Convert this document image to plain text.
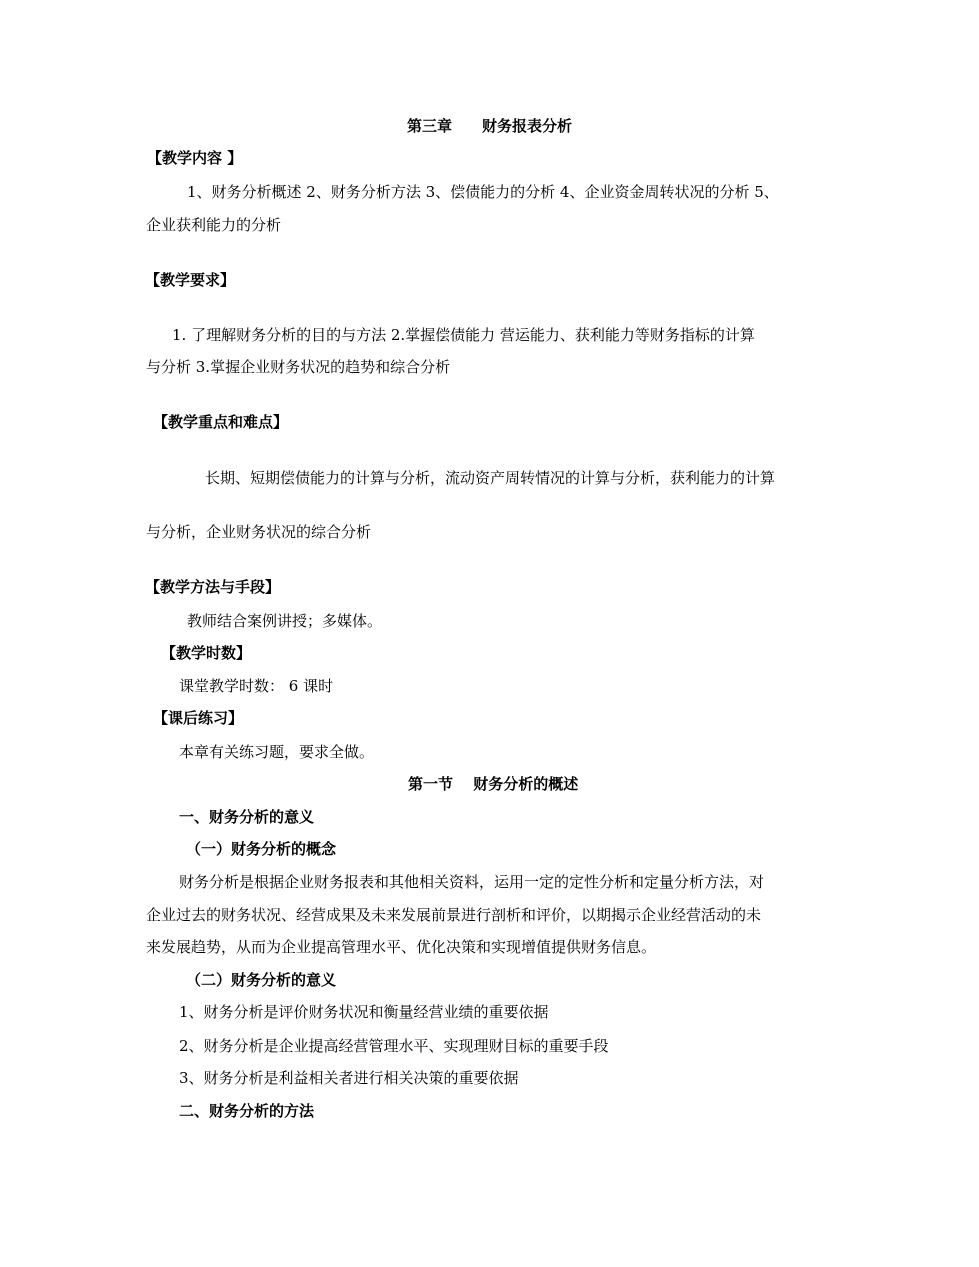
第三章　　财务报表分析
【教学内容 】
1、财务分析概述 2、财务分析方法 3、偿债能力的分析 4、企业资金周转状况的分析 5、
企业获利能力的分析
【教学要求】
1. 了理解财务分析的目的与方法 2.掌握偿债能力 营运能力、获利能力等财务指标的计算
与分析 3.掌握企业财务状况的趋势和综合分析
【教学重点和难点】
长期、短期偿债能力的计算与分析，流动资产周转情况的计算与分析，获利能力的计算
与分析，企业财务状况的综合分析
【教学方法与手段】
教师结合案例讲授；多媒体。
【教学时数】
课堂教学时数： 6 课时
【课后练习】
本章有关练习题，要求全做。
第一节　 财务分析的概述
一、财务分析的意义
（一）财务分析的概念
财务分析是根据企业财务报表和其他相关资料，运用一定的定性分析和定量分析方法，对
企业过去的财务状况、经营成果及未来发展前景进行剖析和评价，以期揭示企业经营活动的未
来发展趋势，从而为企业提高管理水平、优化决策和实现增值提供财务信息。
（二）财务分析的意义
1、财务分析是评价财务状况和衡量经营业绩的重要依据
2、财务分析是企业提高经营管理水平、实现理财目标的重要手段
3、财务分析是利益相关者进行相关决策的重要依据
二、财务分析的方法
